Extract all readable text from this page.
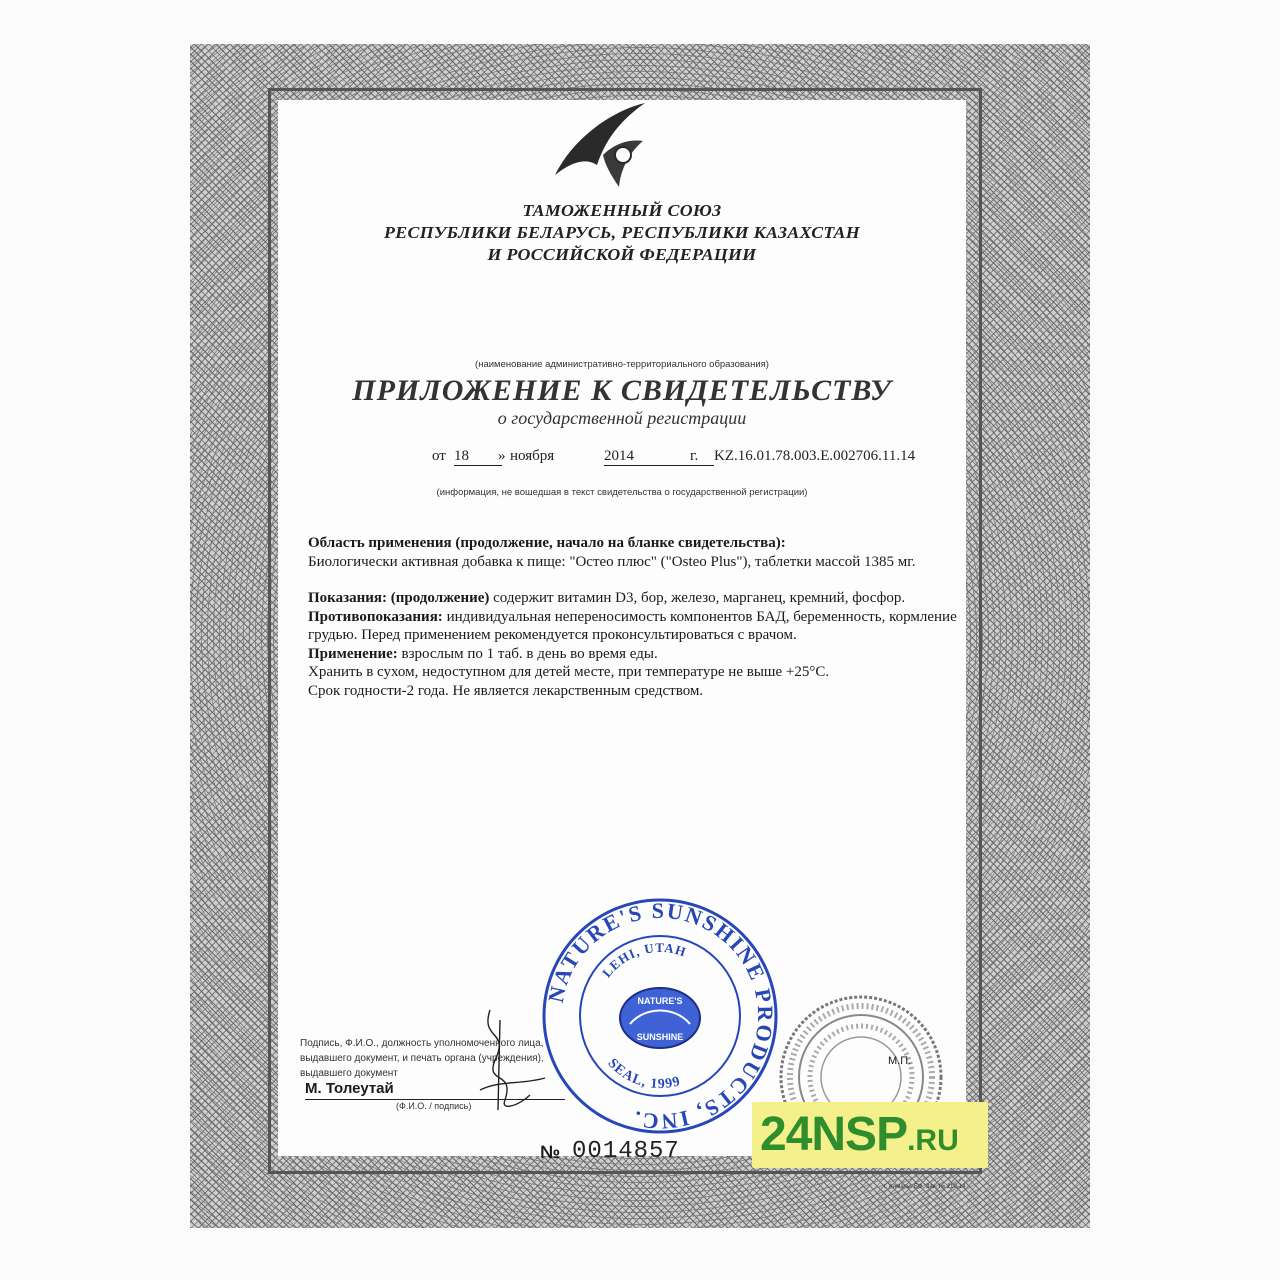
ТАМОЖЕННЫЙ СОЮЗ
РЕСПУБЛИКИ БЕЛАРУСЬ, РЕСПУБЛИКИ КАЗАХСТАН
И РОССИЙСКОЙ ФЕДЕРАЦИИ
(наименование административно-территориального образования)
ПРИЛОЖЕНИЕ К СВИДЕТЕЛЬСТВУ
о государственной регистрации
от 18	» ноября	2014	г. KZ.16.01.78.003.E.002706.11.14
(информация, не вошедшая в текст свидетельства о государственной регистрации)

Область применения (продолжение, начало на бланке свидетельства):

Биологически активная добавка к пище: "Остео плюс" ("Osteo Plus"), таблетки массой 1385 мг.

Показания: (продолжение) содержит витамин D3, бор, железо, марганец, кремний, фосфор.

Противопоказания: индивидуальная непереносимость компонентов БАД, беременность, кормление грудью. Перед применением рекомендуется проконсультироваться с врачом.

Применение: взрослым по 1 таб. в день во время еды.

Хранить в сухом, недоступном для детей месте, при температуре не выше +25°С.

Срок годности-2 года. Не является лекарственным средством.

Подпись, Ф.И.О., должность уполномоченного лица, выдавшего документ, и печать органа (учреждения), выдавшего документ
М. Толеутай
(Ф.И.О. / подпись)
NATURE'S SUNSHINE PRODUCTS, INC.
LEHI, UTAH
SEAL, 1999
NATURE'S
SUNSHINE
М.П.
№ 0014857 24NSP.RU
г. Алматы. БФ. Зак. № 210-14
